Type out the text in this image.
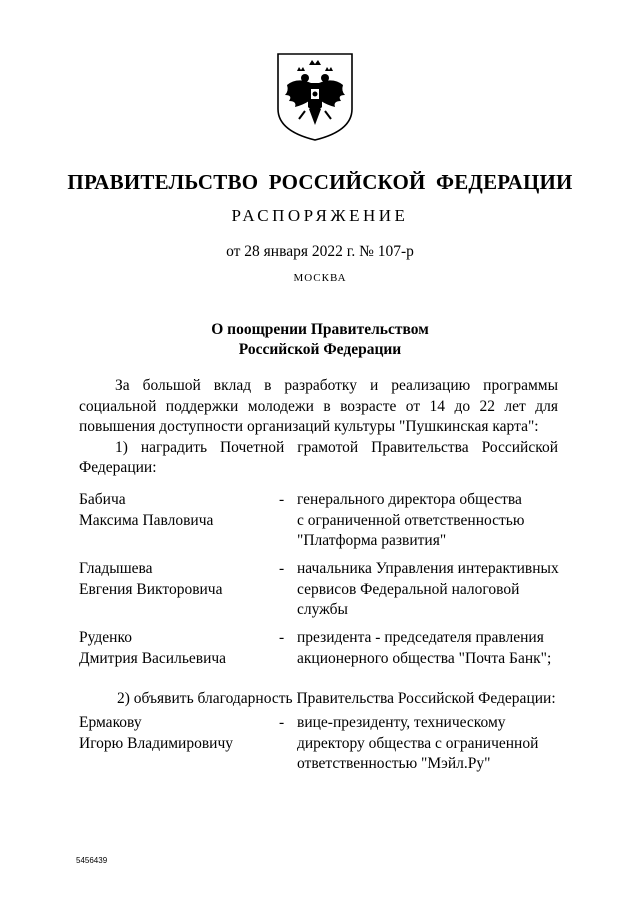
ПРАВИТЕЛЬСТВО РОССИЙСКОЙ ФЕДЕРАЦИИ
РАСПОРЯЖЕНИЕ
от 28 января 2022 г. № 107-р
МОСКВА
О поощрении Правительством
Российской Федерации

За большой вклад в разработку и реализацию программы социальной поддержки молодежи в возрасте от 14 до 22 лет для повышения доступности организаций культуры "Пушкинская карта":

1) наградить Почетной грамотой Правительства Российской

Федерации:

Бабича
Максима Павловича
- генерального директора общества
с ограниченной ответственностью
"Платформа развития"
Гладышева
Евгения Викторовича
- начальника Управления интерактивных
сервисов Федеральной налоговой
службы
Руденко
Дмитрия Васильевича
- президента - председателя правления
акционерного общества "Почта Банк";
2) объявить благодарность Правительства Российской Федерации:
Ермакову
Игорю Владимировичу
- вице-президенту, техническому
директору общества с ограниченной
ответственностью "Мэйл.Ру"
5456439
